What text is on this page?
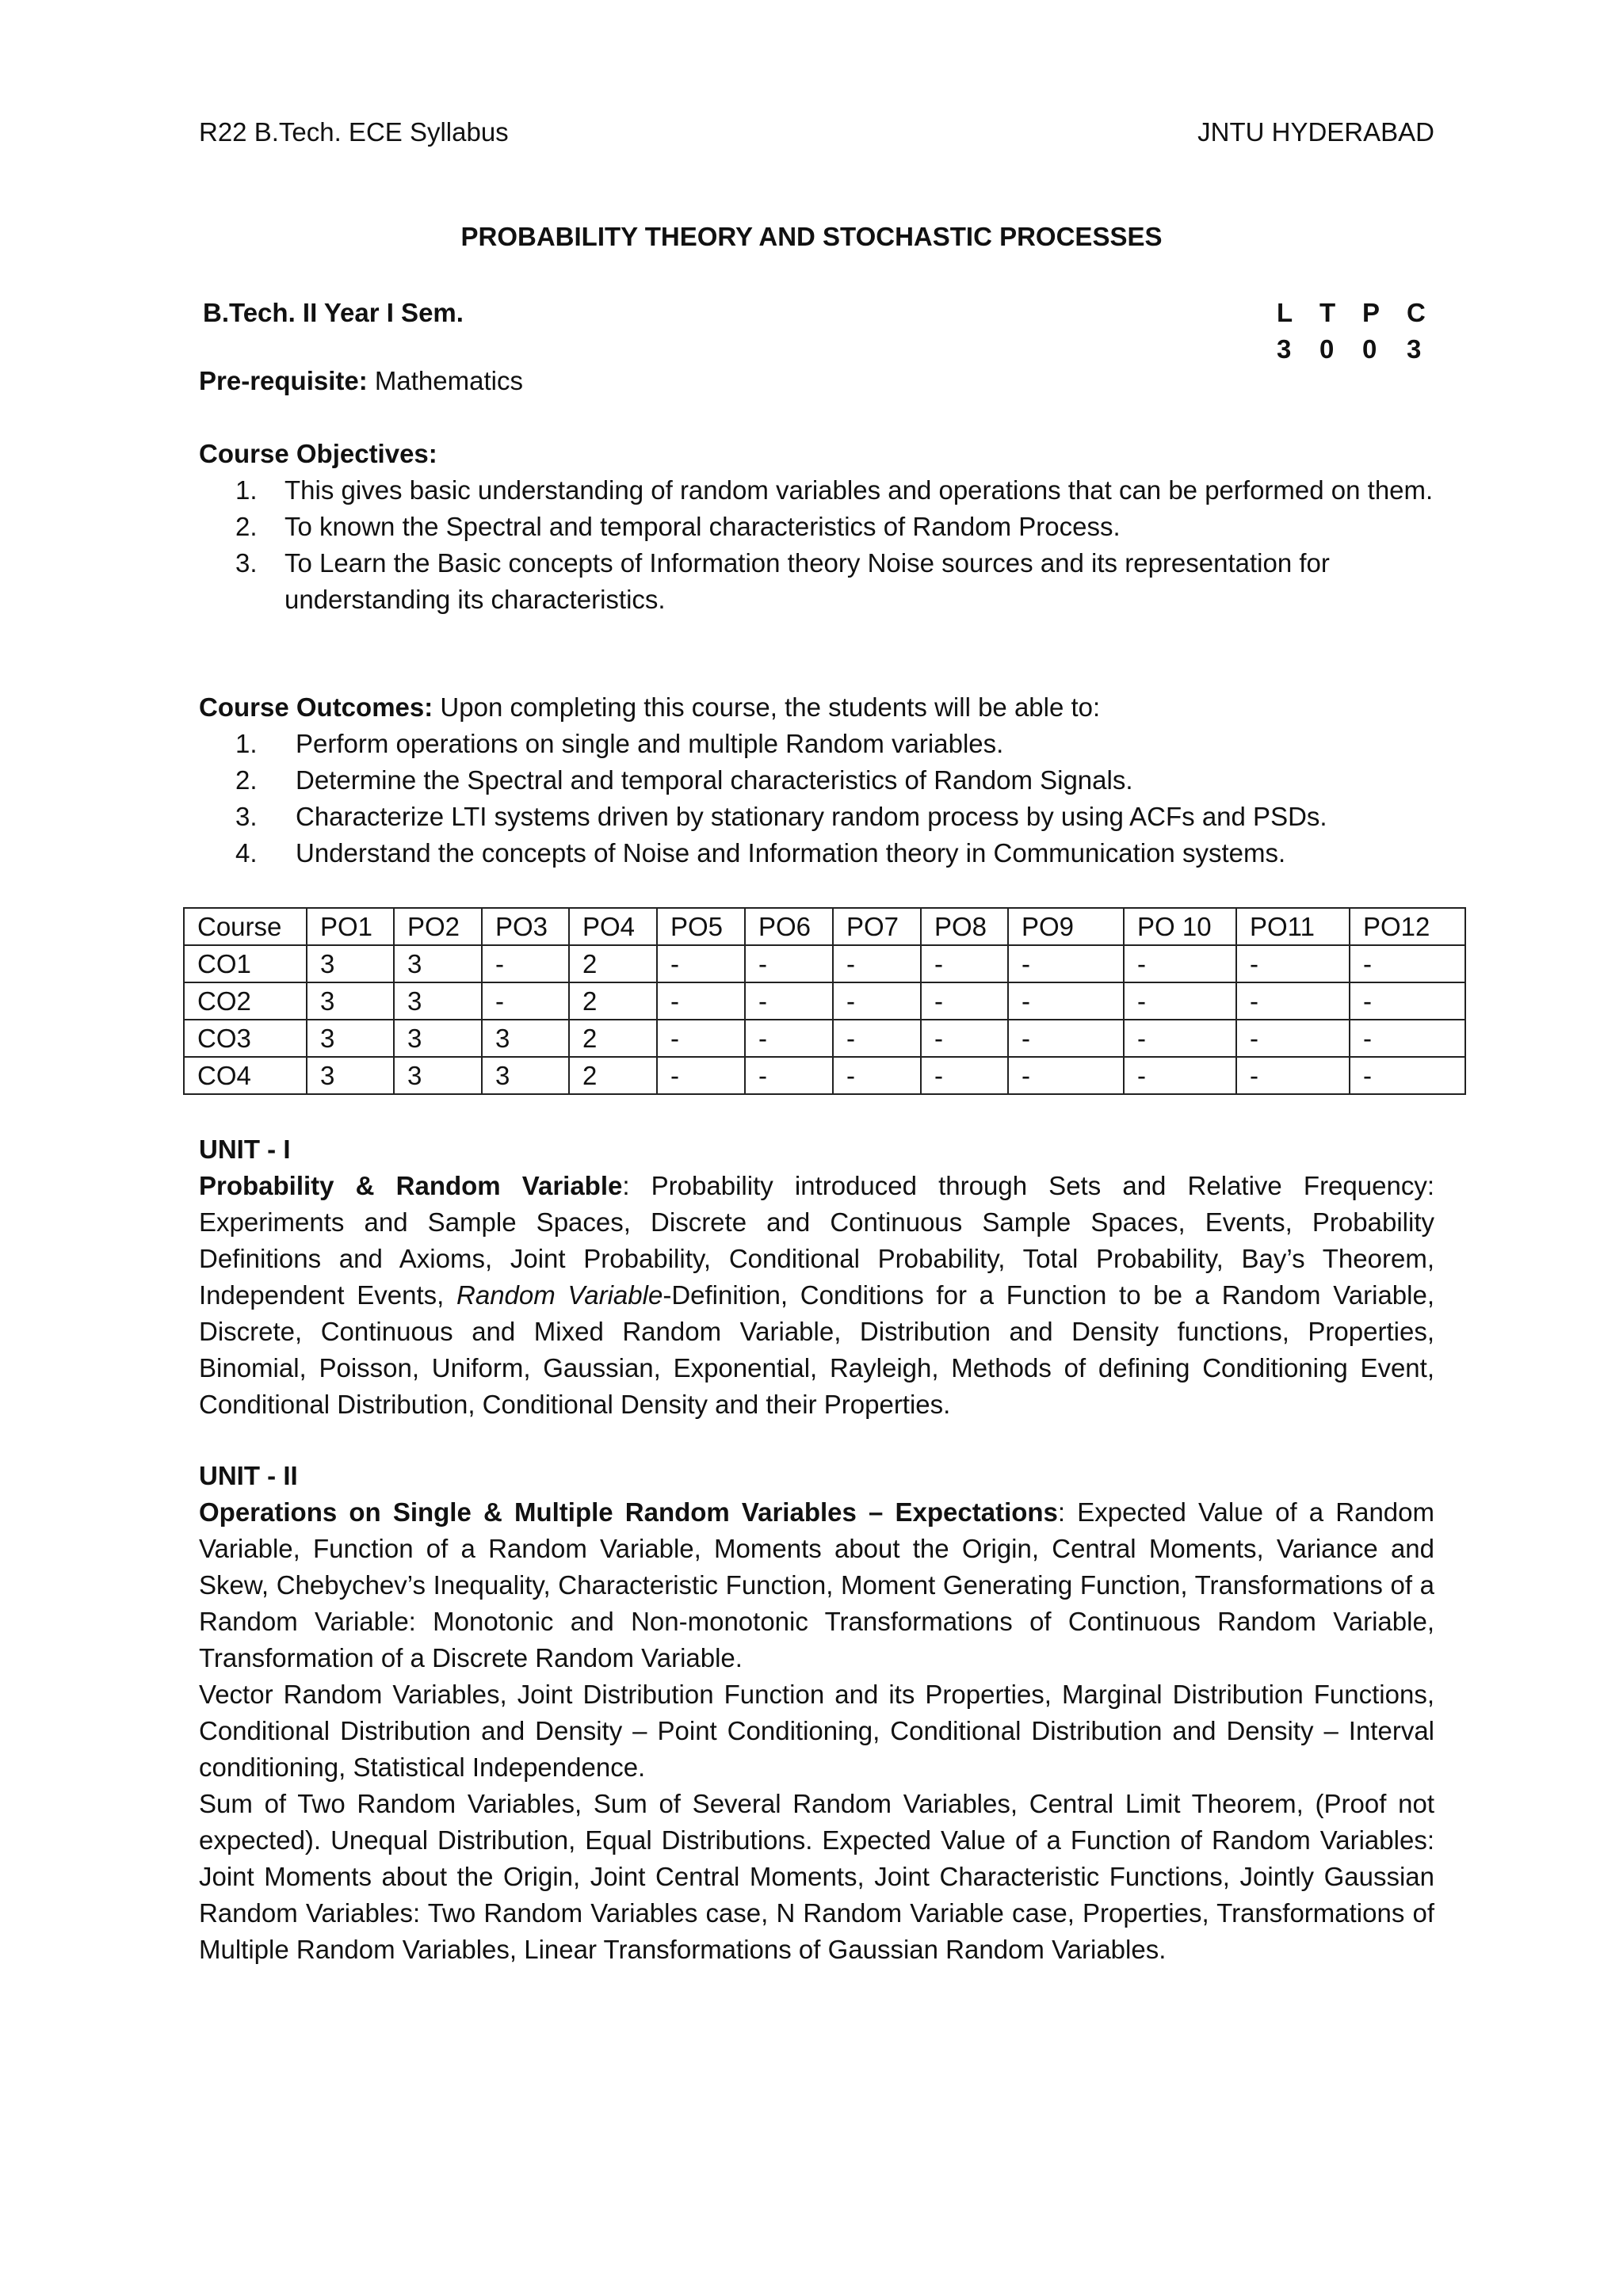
R22 B.Tech. ECE Syllabus	JNTU HYDERABAD
PROBABILITY THEORY AND STOCHASTIC PROCESSES
B.Tech. II Year I Sem.	L	T	P	C
3	0	0	3
Pre-requisite: Mathematics
Course Objectives:
1.	This gives basic understanding of random variables and operations that can be performed on them.
2.	To known the Spectral and temporal characteristics of Random Process.
3.	To Learn the Basic concepts of Information theory Noise sources and its representation for understanding its characteristics.
Course Outcomes: Upon completing this course, the students will be able to:
1.	Perform operations on single and multiple Random variables.
2.	Determine the Spectral and temporal characteristics of Random Signals.
3.	Characterize LTI systems driven by stationary random process by using ACFs and PSDs.
4.	Understand the concepts of Noise and Information theory in Communication systems.
Course	PO1	PO2	PO3	PO4	PO5	PO6	PO7	PO8	PO9	PO 10	PO11	PO12
CO1	3	3	-	2	-	-	-	-	-	-	-	-
CO2	3	3	-	2	-	-	-	-	-	-	-	-
CO3	3	3	3	2	-	-	-	-	-	-	-	-
CO4	3	3	3	2	-	-	-	-	-	-	-	-
UNIT - I

Probability & Random Variable: Probability introduced through Sets and Relative Frequency: Experiments and Sample Spaces, Discrete and Continuous Sample Spaces, Events, Probability Definitions and Axioms, Joint Probability, Conditional Probability, Total Probability, Bay’s Theorem, Independent Events, Random Variable-Definition, Conditions for a Function to be a Random Variable, Discrete, Continuous and Mixed Random Variable, Distribution and Density functions, Properties, Binomial, Poisson, Uniform, Gaussian, Exponential, Rayleigh, Methods of defining Conditioning Event, Conditional Distribution, Conditional Density and their Properties.

UNIT - II

Operations on Single & Multiple Random Variables – Expectations: Expected Value of a Random Variable, Function of a Random Variable, Moments about the Origin, Central Moments, Variance and Skew, Chebychev’s Inequality, Characteristic Function, Moment Generating Function, Transformations of a Random Variable: Monotonic and Non-monotonic Transformations of Continuous Random Variable, Transformation of a Discrete Random Variable.

Vector Random Variables, Joint Distribution Function and its Properties, Marginal Distribution Functions, Conditional Distribution and Density – Point Conditioning, Conditional Distribution and Density – Interval conditioning, Statistical Independence.

Sum of Two Random Variables, Sum of Several Random Variables, Central Limit Theorem, (Proof not expected). Unequal Distribution, Equal Distributions. Expected Value of a Function of Random Variables: Joint Moments about the Origin, Joint Central Moments, Joint Characteristic Functions, Jointly Gaussian Random Variables: Two Random Variables case, N Random Variable case, Properties, Transformations of Multiple Random Variables, Linear Transformations of Gaussian Random Variables.
